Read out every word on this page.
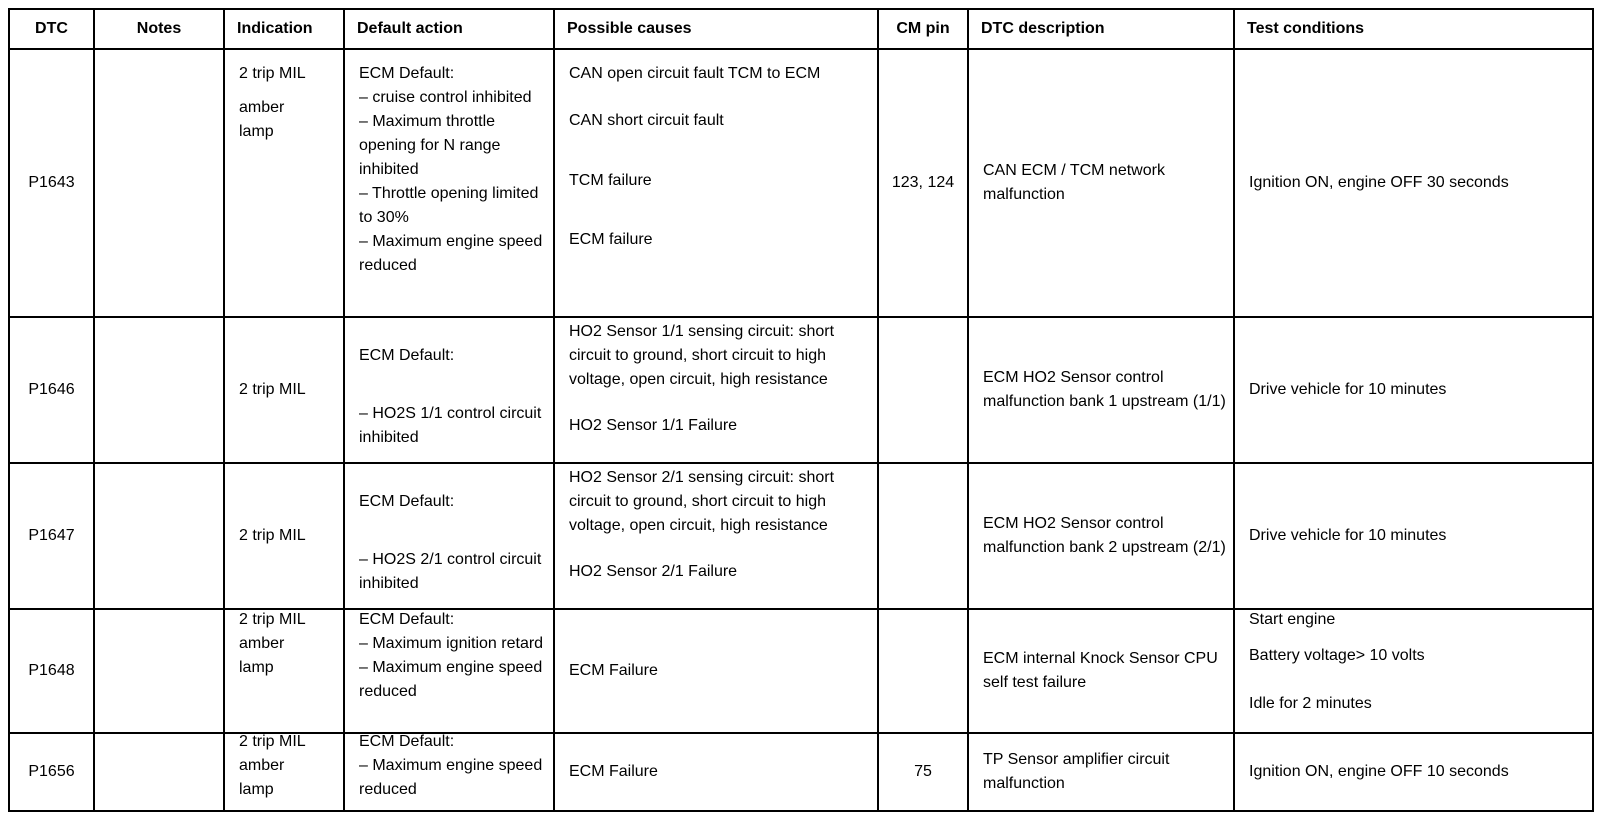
DTC	Notes	Indication	Default action	Possible causes	CM pin	DTC description	Test conditions

P1643		2 trip MIL
amber
lamp	ECM Default:
– cruise control inhibited
– Maximum throttle opening for N range inhibited
– Throttle opening limited to 30%
– Maximum engine speed reduced	CAN open circuit fault TCM to ECM
CAN short circuit fault
TCM failure
ECM failure	123, 124	CAN ECM / TCM network malfunction	Ignition ON, engine OFF 30 seconds

P1646		2 trip MIL	ECM Default:
– HO2S 1/1 control circuit inhibited	HO2 Sensor 1/1 sensing circuit: short circuit to ground, short circuit to high voltage, open circuit, high resistance
HO2 Sensor 1/1 Failure		ECM HO2 Sensor control malfunction bank 1 upstream (1/1)	Drive vehicle for 10 minutes

P1647		2 trip MIL	ECM Default:
– HO2S 2/1 control circuit inhibited	HO2 Sensor 2/1 sensing circuit: short circuit to ground, short circuit to high voltage, open circuit, high resistance
HO2 Sensor 2/1 Failure		ECM HO2 Sensor control malfunction bank 2 upstream (2/1)	Drive vehicle for 10 minutes

P1648		2 trip MIL
amber
lamp	ECM Default:
– Maximum ignition retard
– Maximum engine speed reduced	ECM Failure		ECM internal Knock Sensor CPU self test failure	Start engine
Battery voltage> 10 volts
Idle for 2 minutes

P1656		2 trip MIL
amber
lamp	ECM Default:
– Maximum engine speed reduced	ECM Failure	75	TP Sensor amplifier circuit malfunction	Ignition ON, engine OFF 10 seconds
